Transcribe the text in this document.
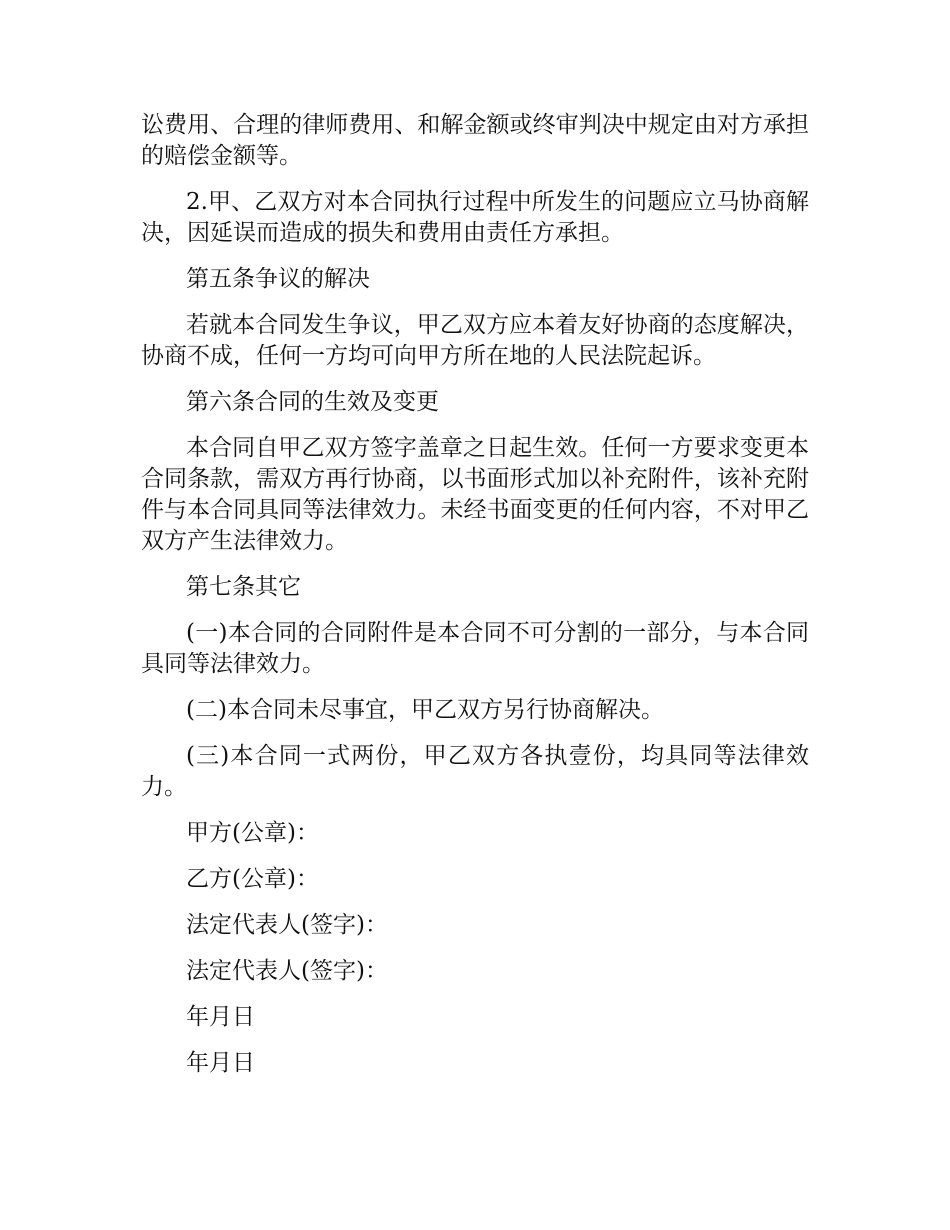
讼费用、合理的律师费用、和解金额或终审判决中规定由对方承担的赔偿金额等。

2.甲、乙双方对本合同执行过程中所发生的问题应立马协商解决，因延误而造成的损失和费用由责任方承担。

第五条争议的解决

若就本合同发生争议，甲乙双方应本着友好协商的态度解决，协商不成，任何一方均可向甲方所在地的人民法院起诉。

第六条合同的生效及变更

本合同自甲乙双方签字盖章之日起生效。任何一方要求变更本合同条款，需双方再行协商，以书面形式加以补充附件，该补充附件与本合同具同等法律效力。未经书面变更的任何内容，不对甲乙双方产生法律效力。

第七条其它

(一)本合同的合同附件是本合同不可分割的一部分，与本合同具同等法律效力。

(二)本合同未尽事宜，甲乙双方另行协商解决。

(三)本合同一式两份，甲乙双方各执壹份，均具同等法律效力。

甲方(公章)：

乙方(公章)：

法定代表人(签字)：

法定代表人(签字)：

年月日

年月日
